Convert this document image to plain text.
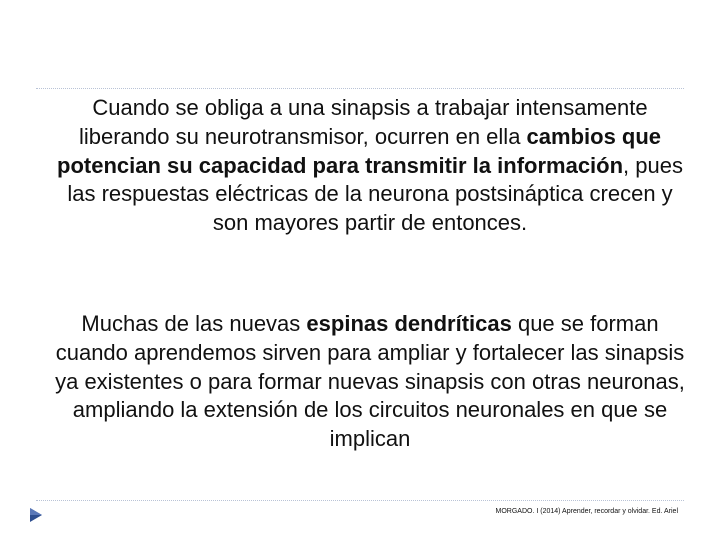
Cuando se obliga a una sinapsis a trabajar intensamente liberando su neurotransmisor, ocurren en ella cambios que potencian su capacidad para transmitir la información, pues las respuestas eléctricas de la neurona postsináptica crecen y son mayores partir de entonces.
Muchas de las nuevas espinas dendríticas que se forman cuando aprendemos sirven para ampliar y fortalecer las sinapsis ya existentes o para formar nuevas sinapsis con otras neuronas, ampliando la extensión de los circuitos neuronales en que se implican
MORGADO. I (2014) Aprender, recordar y olvidar. Ed. Ariel
